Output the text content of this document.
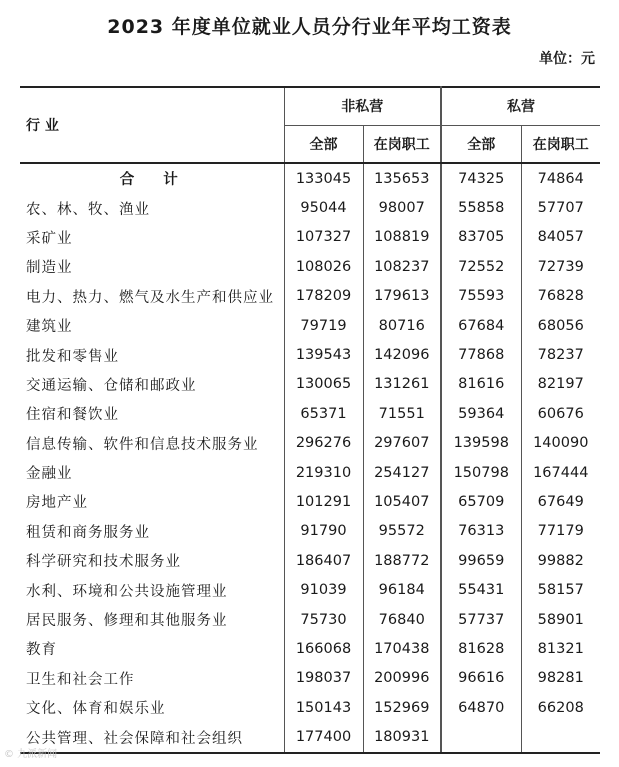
2023 年度单位就业人员分行业年平均工资表
单位：元
行 业	非私营		私营	
	全部	在岗职工	全部	在岗职工
合 计	133045	135653	74325	74864
农、林、牧、渔业	95044	98007	55858	57707
采矿业	107327	108819	83705	84057
制造业	108026	108237	72552	72739
电力、热力、燃气及水生产和供应业	178209	179613	75593	76828
建筑业	79719	80716	67684	68056
批发和零售业	139543	142096	77868	78237
交通运输、仓储和邮政业	130065	131261	81616	82197
住宿和餐饮业	65371	71551	59364	60676
信息传输、软件和信息技术服务业	296276	297607	139598	140090
金融业	219310	254127	150798	167444
房地产业	101291	105407	65709	67649
租赁和商务服务业	91790	95572	76313	77179
科学研究和技术服务业	186407	188772	99659	99882
水利、环境和公共设施管理业	91039	96184	55431	58157
居民服务、修理和其他服务业	75730	76840	57737	58901
教育	166068	170438	81628	81321
卫生和社会工作	198037	200996	96616	98281
文化、体育和娱乐业	150143	152969	64870	66208
公共管理、社会保障和社会组织	177400	180931		
© 九派新闻
